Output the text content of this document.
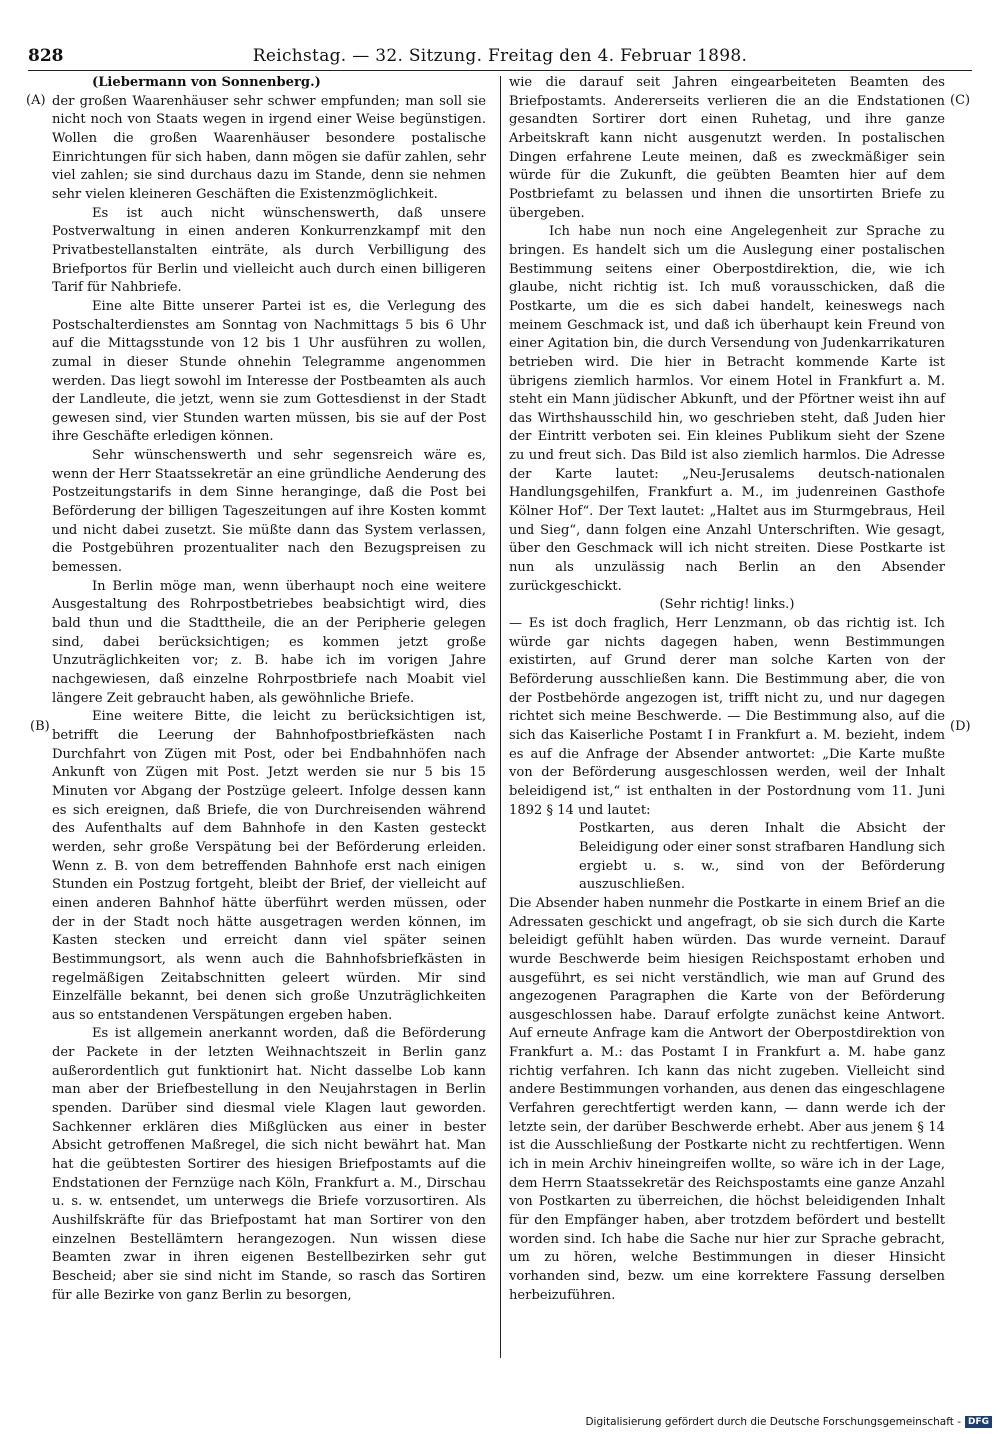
828	Reichstag. — 32. Sitzung. Freitag den 4. Februar 1898.
(A)
(B)
(C)
(D)

(Liebermann von Sonnenberg.)

der großen Waarenhäuser sehr schwer empfunden; man soll sie nicht noch von Staats wegen in irgend einer Weise begünstigen. Wollen die großen Waarenhäuser besondere postalische Einrichtungen für sich haben, dann mögen sie dafür zahlen, sehr viel zahlen; sie sind durchaus dazu im Stande, denn sie nehmen sehr vielen kleineren Geschäften die Existenzmöglichkeit.

Es ist auch nicht wünschenswerth, daß unsere Postverwaltung in einen anderen Konkurrenzkampf mit den Privatbestellanstalten einträte, als durch Verbilligung des Briefportos für Berlin und vielleicht auch durch einen billigeren Tarif für Nahbriefe.

Eine alte Bitte unserer Partei ist es, die Verlegung des Postschalterdienstes am Sonntag von Nachmittags 5 bis 6 Uhr auf die Mittagsstunde von 12 bis 1 Uhr ausführen zu wollen, zumal in dieser Stunde ohnehin Telegramme angenommen werden. Das liegt sowohl im Interesse der Postbeamten als auch der Landleute, die jetzt, wenn sie zum Gottesdienst in der Stadt gewesen sind, vier Stunden warten müssen, bis sie auf der Post ihre Geschäfte erledigen können.

Sehr wünschenswerth und sehr segensreich wäre es, wenn der Herr Staatssekretär an eine gründliche Aenderung des Postzeitungstarifs in dem Sinne heranginge, daß die Post bei Beförderung der billigen Tageszeitungen auf ihre Kosten kommt und nicht dabei zusetzt. Sie müßte dann das System verlassen, die Postgebühren prozentualiter nach den Bezugspreisen zu bemessen.

In Berlin möge man, wenn überhaupt noch eine weitere Ausgestaltung des Rohrpostbetriebes beabsichtigt wird, dies bald thun und die Stadttheile, die an der Peripherie gelegen sind, dabei berücksichtigen; es kommen jetzt große Unzuträglichkeiten vor; z. B. habe ich im vorigen Jahre nachgewiesen, daß einzelne Rohrpostbriefe nach Moabit viel längere Zeit gebraucht haben, als gewöhnliche Briefe.

Eine weitere Bitte, die leicht zu berücksichtigen ist, betrifft die Leerung der Bahnhofpostbriefkästen nach Durchfahrt von Zügen mit Post, oder bei Endbahnhöfen nach Ankunft von Zügen mit Post. Jetzt werden sie nur 5 bis 15 Minuten vor Abgang der Postzüge geleert. Infolge dessen kann es sich ereignen, daß Briefe, die von Durchreisenden während des Aufenthalts auf dem Bahnhofe in den Kasten gesteckt werden, sehr große Verspätung bei der Beförderung erleiden. Wenn z. B. von dem betreffenden Bahnhofe erst nach einigen Stunden ein Postzug fortgeht, bleibt der Brief, der vielleicht auf einen anderen Bahnhof hätte überführt werden müssen, oder der in der Stadt noch hätte ausgetragen werden können, im Kasten stecken und erreicht dann viel später seinen Bestimmungsort, als wenn auch die Bahnhofsbriefkästen in regelmäßigen Zeitabschnitten geleert würden. Mir sind Einzelfälle bekannt, bei denen sich große Unzuträglichkeiten aus so entstandenen Verspätungen ergeben haben.

Es ist allgemein anerkannt worden, daß die Beförderung der Packete in der letzten Weihnachtszeit in Berlin ganz außerordentlich gut funktionirt hat. Nicht dasselbe Lob kann man aber der Briefbestellung in den Neujahrstagen in Berlin spenden. Darüber sind diesmal viele Klagen laut geworden. Sachkenner erklären dies Mißglücken aus einer in bester Absicht getroffenen Maßregel, die sich nicht bewährt hat. Man hat die geübtesten Sortirer des hiesigen Briefpostamts auf die Endstationen der Fernzüge nach Köln, Frankfurt a. M., Dirschau u. s. w. entsendet, um unterwegs die Briefe vorzusortiren. Als Aushilfskräfte für das Briefpostamt hat man Sortirer von den einzelnen Bestellämtern herangezogen. Nun wissen diese Beamten zwar in ihren eigenen Bestellbezirken sehr gut Bescheid; aber sie sind nicht im Stande, so rasch das Sortiren für alle Bezirke von ganz Berlin zu besorgen,

wie die darauf seit Jahren eingearbeiteten Beamten des Briefpostamts. Andererseits verlieren die an die Endstationen gesandten Sortirer dort einen Ruhetag, und ihre ganze Arbeitskraft kann nicht ausgenutzt werden. In postalischen Dingen erfahrene Leute meinen, daß es zweckmäßiger sein würde für die Zukunft, die geübten Beamten hier auf dem Postbriefamt zu belassen und ihnen die unsortirten Briefe zu übergeben.

Ich habe nun noch eine Angelegenheit zur Sprache zu bringen. Es handelt sich um die Auslegung einer postalischen Bestimmung seitens einer Oberpostdirektion, die, wie ich glaube, nicht richtig ist. Ich muß vorausschicken, daß die Postkarte, um die es sich dabei handelt, keineswegs nach meinem Geschmack ist, und daß ich überhaupt kein Freund von einer Agitation bin, die durch Versendung von Judenkarrikaturen betrieben wird. Die hier in Betracht kommende Karte ist übrigens ziemlich harmlos. Vor einem Hotel in Frankfurt a. M. steht ein Mann jüdischer Abkunft, und der Pförtner weist ihn auf das Wirthshausschild hin, wo geschrieben steht, daß Juden hier der Eintritt verboten sei. Ein kleines Publikum sieht der Szene zu und freut sich. Das Bild ist also ziemlich harmlos. Die Adresse der Karte lautet: „Neu-Jerusalems deutsch-nationalen Handlungsgehilfen, Frankfurt a. M., im judenreinen Gasthofe Kölner Hof“. Der Text lautet: „Haltet aus im Sturmgebraus, Heil und Sieg“, dann folgen eine Anzahl Unterschriften. Wie gesagt, über den Geschmack will ich nicht streiten. Diese Postkarte ist nun als unzulässig nach Berlin an den Absender zurückgeschickt.

(Sehr richtig! links.)

— Es ist doch fraglich, Herr Lenzmann, ob das richtig ist. Ich würde gar nichts dagegen haben, wenn Bestimmungen existirten, auf Grund derer man solche Karten von der Beförderung ausschließen kann. Die Bestimmung aber, die von der Postbehörde angezogen ist, trifft nicht zu, und nur dagegen richtet sich meine Beschwerde. — Die Bestimmung also, auf die sich das Kaiserliche Postamt I in Frankfurt a. M. bezieht, indem es auf die Anfrage der Absender antwortet: „Die Karte mußte von der Beförderung ausgeschlossen werden, weil der Inhalt beleidigend ist,“ ist enthalten in der Postordnung vom 11. Juni 1892 § 14 und lautet:

Postkarten, aus deren Inhalt die Absicht der Beleidigung oder einer sonst strafbaren Handlung sich ergiebt u. s. w., sind von der Beförderung auszuschließen.

Die Absender haben nunmehr die Postkarte in einem Brief an die Adressaten geschickt und angefragt, ob sie sich durch die Karte beleidigt gefühlt haben würden. Das wurde verneint. Darauf wurde Beschwerde beim hiesigen Reichspostamt erhoben und ausgeführt, es sei nicht verständlich, wie man auf Grund des angezogenen Paragraphen die Karte von der Beförderung ausgeschlossen habe. Darauf erfolgte zunächst keine Antwort. Auf erneute Anfrage kam die Antwort der Oberpostdirektion von Frankfurt a. M.: das Postamt I in Frankfurt a. M. habe ganz richtig verfahren. Ich kann das nicht zugeben. Vielleicht sind andere Bestimmungen vorhanden, aus denen das eingeschlagene Verfahren gerechtfertigt werden kann, — dann werde ich der letzte sein, der darüber Beschwerde erhebt. Aber aus jenem § 14 ist die Ausschließung der Postkarte nicht zu rechtfertigen. Wenn ich in mein Archiv hineingreifen wollte, so wäre ich in der Lage, dem Herrn Staatssekretär des Reichspostamts eine ganze Anzahl von Postkarten zu überreichen, die höchst beleidigenden Inhalt für den Empfänger haben, aber trotzdem befördert und bestellt worden sind. Ich habe die Sache nur hier zur Sprache gebracht, um zu hören, welche Bestimmungen in dieser Hinsicht vorhanden sind, bezw. um eine korrektere Fassung derselben herbeizuführen.

Digitalisierung gefördert durch die Deutsche Forschungsgemeinschaft - DFG
